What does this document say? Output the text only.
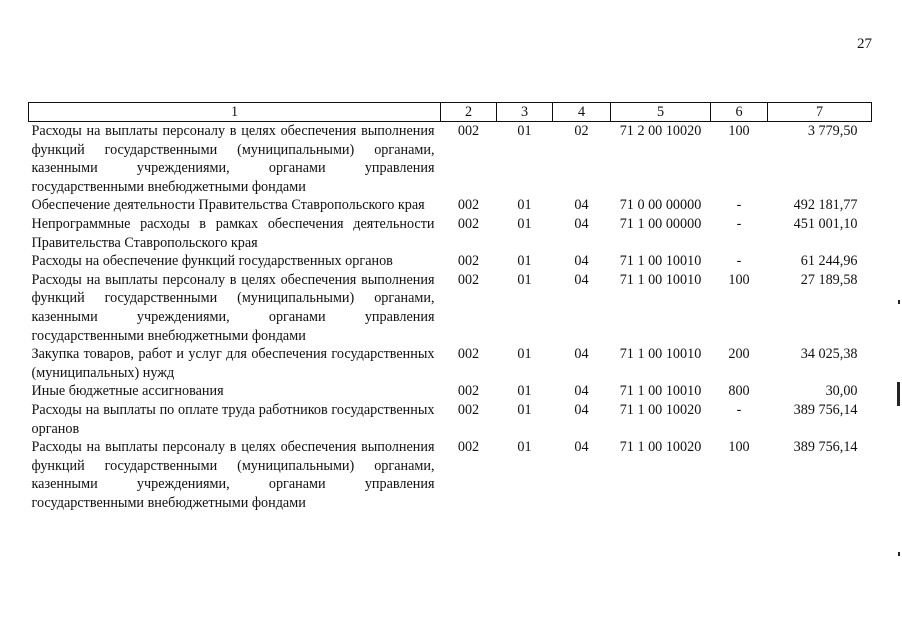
27
1	2	3	4	5	6	7
Расходы на выплаты персоналу в целях обеспечения выполнения функций государственными (муниципальными) органами, казенными учреждениями, органами управления государственными внебюджетными фондами	002	01	02	71 2 00 10020	100	3 779,50
Обеспечение деятельности Правительства Ставропольского края	002	01	04	71 0 00 00000	-	492 181,77
Непрограммные расходы в рамках обеспечения деятельности Правительства Ставропольского края	002	01	04	71 1 00 00000	-	451 001,10
Расходы на обеспечение функций государственных органов	002	01	04	71 1 00 10010	-	61 244,96
Расходы на выплаты персоналу в целях обеспечения выполнения функций государственными (муниципальными) органами, казенными учреждениями, органами управления государственными внебюджетными фондами	002	01	04	71 1 00 10010	100	27 189,58
Закупка товаров, работ и услуг для обеспечения государственных (муниципальных) нужд	002	01	04	71 1 00 10010	200	34 025,38
Иные бюджетные ассигнования	002	01	04	71 1 00 10010	800	30,00
Расходы на выплаты по оплате труда работников государственных органов	002	01	04	71 1 00 10020	-	389 756,14
Расходы на выплаты персоналу в целях обеспечения выполнения функций государственными (муниципальными) органами, казенными учреждениями, органами управления государственными внебюджетными фондами	002	01	04	71 1 00 10020	100	389 756,14
